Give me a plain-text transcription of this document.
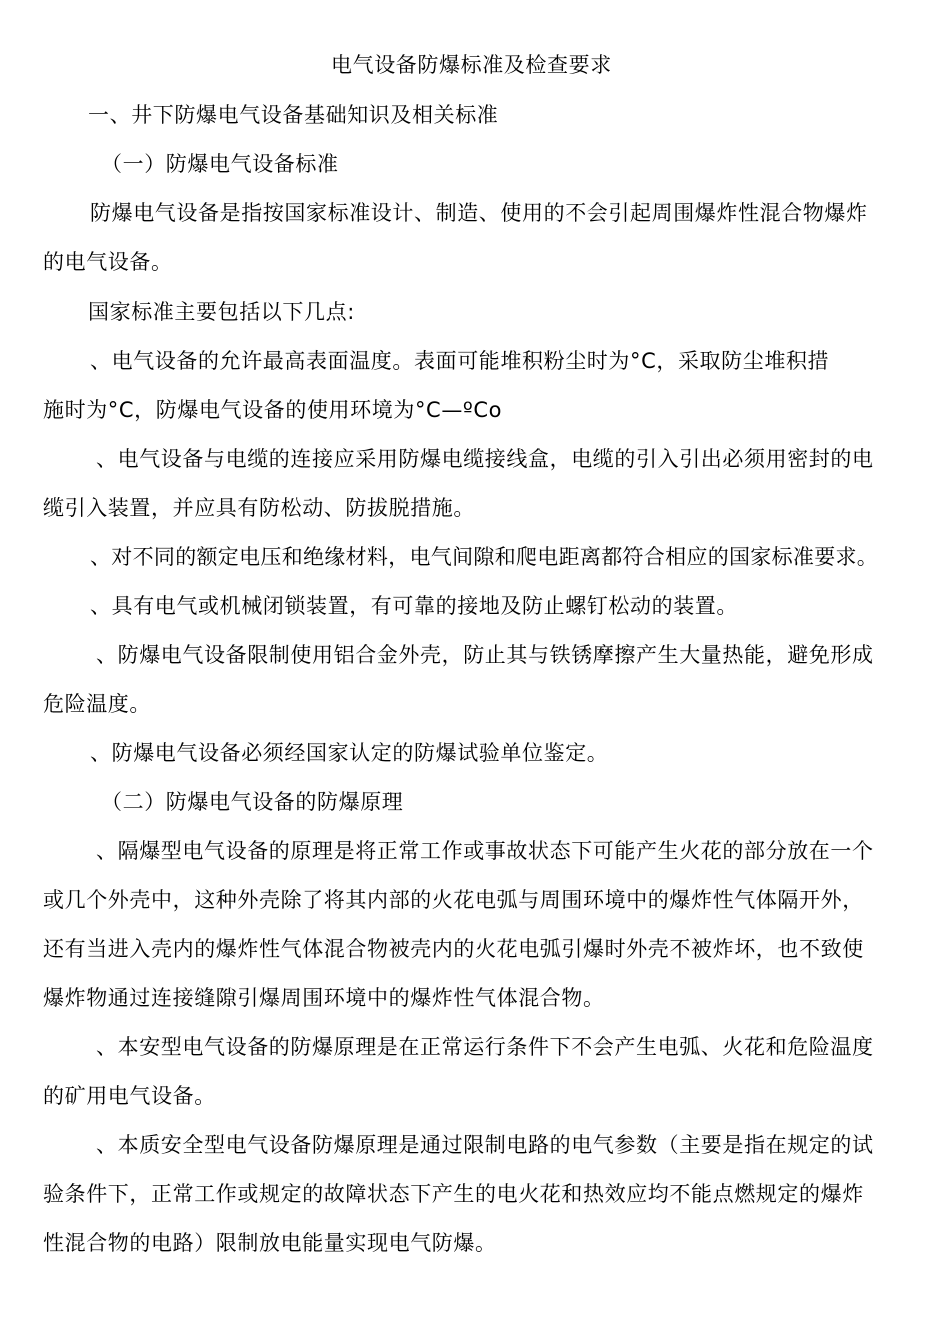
电气设备防爆标准及检查要求
一、井下防爆电气设备基础知识及相关标准
（一）防爆电气设备标准
防爆电气设备是指按国家标准设计、制造、使用的不会引起周围爆炸性混合物爆炸
的电气设备。
国家标准主要包括以下几点:
、电气设备的允许最高表面温度。表面可能堆积粉尘时为°C，采取防尘堆积措
施时为°C，防爆电气设备的使用环境为°C—ºCo
、电气设备与电缆的连接应采用防爆电缆接线盒，电缆的引入引出必须用密封的电
缆引入装置，并应具有防松动、防拔脱措施。
、对不同的额定电压和绝缘材料，电气间隙和爬电距离都符合相应的国家标准要求。
、具有电气或机械闭锁装置，有可靠的接地及防止螺钉松动的装置。
、防爆电气设备限制使用铝合金外壳，防止其与铁锈摩擦产生大量热能，避免形成
危险温度。
、防爆电气设备必须经国家认定的防爆试验单位鉴定。
（二）防爆电气设备的防爆原理
、隔爆型电气设备的原理是将正常工作或事故状态下可能产生火花的部分放在一个
或几个外壳中，这种外壳除了将其内部的火花电弧与周围环境中的爆炸性气体隔开外，
还有当进入壳内的爆炸性气体混合物被壳内的火花电弧引爆时外壳不被炸坏，也不致使
爆炸物通过连接缝隙引爆周围环境中的爆炸性气体混合物。
、本安型电气设备的防爆原理是在正常运行条件下不会产生电弧、火花和危险温度
的矿用电气设备。
、本质安全型电气设备防爆原理是通过限制电路的电气参数（主要是指在规定的试
验条件下，正常工作或规定的故障状态下产生的电火花和热效应均不能点燃规定的爆炸
性混合物的电路）限制放电能量实现电气防爆。
